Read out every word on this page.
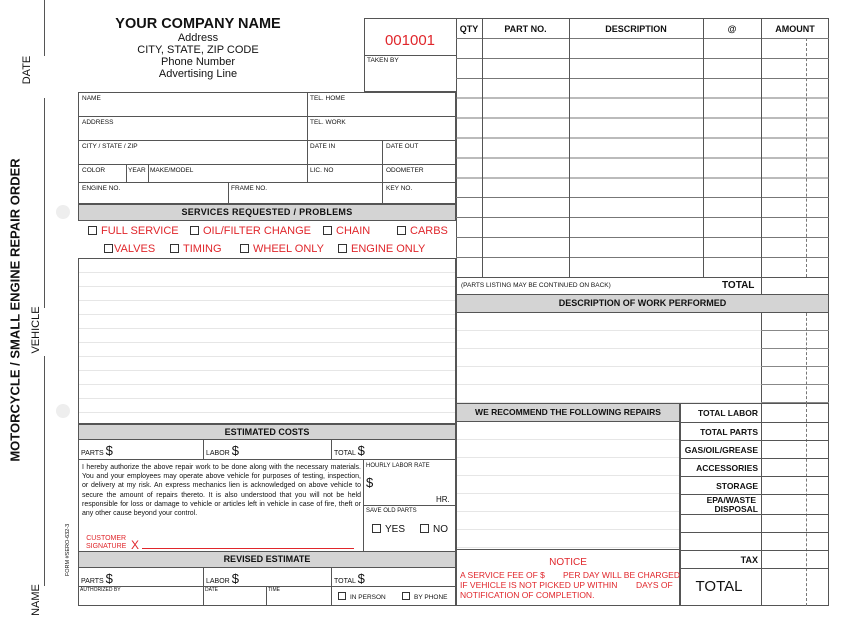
DATE
VEHICLE
MOTORCYCLE / SMALL ENGINE REPAIR ORDER
NAME
FORM #SERO-632-3
YOUR COMPANY NAME
Address
CITY, STATE, ZIP CODE
Phone Number
Advertising Line
001001
TAKEN BY
NAME	TEL. HOME
ADDRESS	TEL. WORK
CITY / STATE / ZIP	DATE IN	DATE OUT
COLOR	YEAR MAKE/MODEL	LIC. NO	ODOMETER
ENGINE NO.	FRAME NO.	KEY NO.
SERVICES REQUESTED / PROBLEMS
FULL SERVICE	OIL/FILTER CHANGE	CHAIN	CARBS
VALVES	TIMING	WHEEL ONLY	ENGINE ONLY
ESTIMATED COSTS
PARTS $	LABOR $	TOTAL $
I hereby authorize the above repair work to be done along with the necessary materials. You and your employees may operate above vehicle for purposes of testing, inspection, or delivery at my risk. An express mechanics lien is acknowledged on above vehicle to secure the amount of repairs thereto. It is also understood that you will not be held responsible for loss or damage to vehicle or articles left in vehicle in case of fire, theft or any other cause beyond your control.
HOURLY LABOR RATE
$
HR.
SAVE OLD PARTS
YES	NO
CUSTOMER
SIGNATURE X
REVISED ESTIMATE
PARTS $	LABOR $	TOTAL $
AUTHORIZED BY	DATE	TIME
IN PERSON	BY PHONE
QTY	PART NO.	DESCRIPTION	@	AMOUNT
(PARTS LISTING MAY BE CONTINUED ON BACK)	TOTAL
DESCRIPTION OF WORK PERFORMED
WE RECOMMEND THE FOLLOWING REPAIRS	TOTAL LABOR
TOTAL PARTS
GAS/OIL/GREASE
ACCESSORIES
STORAGE
EPA/WASTE
DISPOSAL
TAX
TOTAL
NOTICE
A SERVICE FEE OF $ PER DAY WILL BE CHARGED
IF VEHICLE IS NOT PICKED UP WITHIN DAYS OF
NOTIFICATION OF COMPLETION.
